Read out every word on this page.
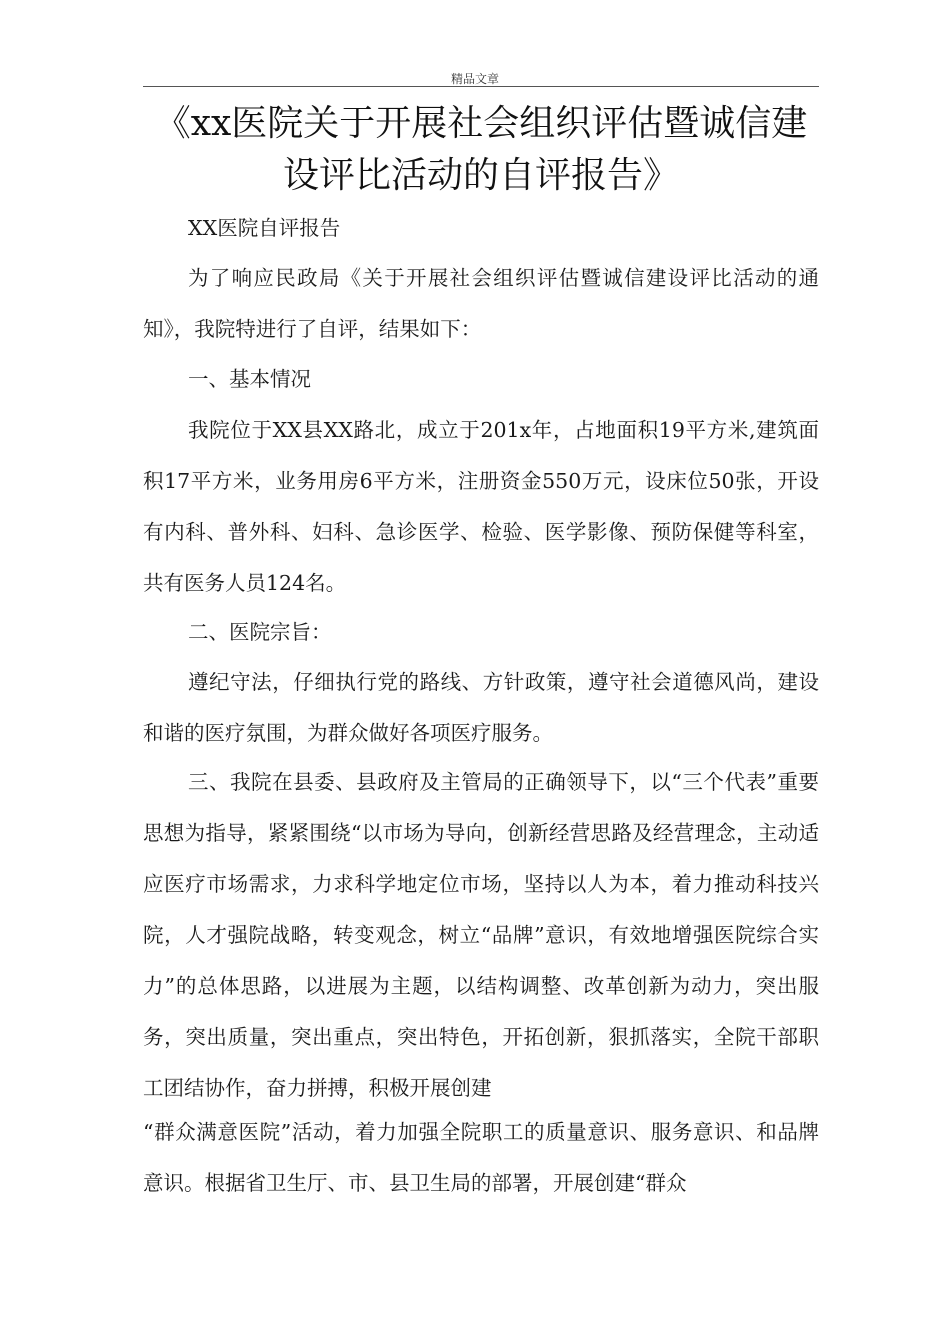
精品文章
《xx医院关于开展社会组织评估暨诚信建设评比活动的自评报告》
XX医院自评报告
为了响应民政局《关于开展社会组织评估暨诚信建设评比活动的通知》，我院特进行了自评，结果如下：
一、基本情况
我院位于XX县XX路北，成立于201x年，占地面积19平方米,建筑面积17平方米，业务用房6平方米，注册资金550万元，设床位50张，开设有内科、普外科、妇科、急诊医学、检验、医学影像、预防保健等科室，共有医务人员124名。
二、医院宗旨：
遵纪守法，仔细执行党的路线、方针政策，遵守社会道德风尚，建设和谐的医疗氛围，为群众做好各项医疗服务。
三、我院在县委、县政府及主管局的正确领导下，以“三个代表”重要思想为指导，紧紧围绕“以市场为导向，创新经营思路及经营理念，主动适应医疗市场需求，力求科学地定位市场，坚持以人为本，着力推动科技兴院，人才强院战略，转变观念，树立“品牌”意识，有效地增强医院综合实力”的总体思路，以进展为主题，以结构调整、改革创新为动力，突出服务，突出质量，突出重点，突出特色，开拓创新，狠抓落实，全院干部职工团结协作，奋力拼搏，积极开展创建
“群众满意医院”活动，着力加强全院职工的质量意识、服务意识、和品牌意识。根据省卫生厅、市、县卫生局的部署，开展创建“群众
